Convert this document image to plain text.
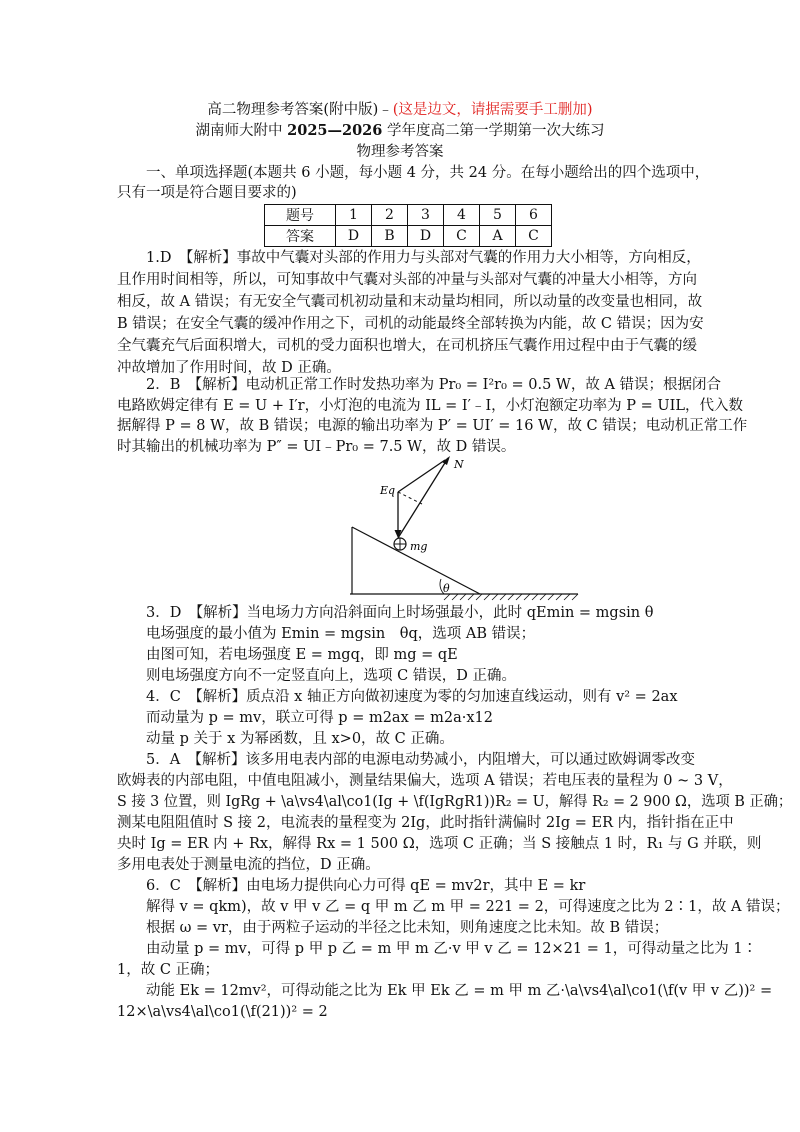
高二物理参考答案(附中版)﹣(这是边文，请据需要手工删加)
湖南师大附中 2025—2026 学年度高二第一学期第一次大练习
物理参考答案
一、单项选择题(本题共 6 小题，每小题 4 分，共 24 分。在每小题给出的四个选项中，
只有一项是符合题目要求的)
题号	1	2	3	4	5	6
答案	D	B	D	C	A	C
1.D　【解析】事故中气囊对头部的作用力与头部对气囊的作用力大小相等，方向相反，
且作用时间相等，所以，可知事故中气囊对头部的冲量与头部对气囊的冲量大小相等，方向
相反，故 A 错误；有无安全气囊司机初动量和末动量均相同，所以动量的改变量也相同，故
B 错误；在安全气囊的缓冲作用之下，司机的动能最终全部转换为内能，故 C 错误；因为安
全气囊充气后面积增大，司机的受力面积也增大，在司机挤压气囊作用过程中由于气囊的缓
冲故增加了作用时间，故 D 正确。
2．B　【解析】电动机正常工作时发热功率为 Pr₀ = I²r₀ = 0.5 W，故 A 错误；根据闭合
电路欧姆定律有 E = U + I′r，小灯泡的电流为 IL = I′﹣I，小灯泡额定功率为 P = UIL，代入数
据解得 P = 8 W，故 B 错误；电源的输出功率为 P′ = UI′ = 16 W，故 C 错误；电动机正常工作
时其输出的机械功率为 P″ = UI﹣Pr₀ = 7.5 W，故 D 错误。
θ
mg
N
Eq
3．D　【解析】当电场力方向沿斜面向上时场强最小，此时 qEmin = mgsin θ
电场强度的最小值为 Emin = mgsin　θq，选项 AB 错误；
由图可知，若电场强度 E = mgq，即 mg = qE
则电场强度方向不一定竖直向上，选项 C 错误，D 正确。
4．C　【解析】质点沿 x 轴正方向做初速度为零的匀加速直线运动，则有 v² = 2ax
而动量为 p = mv，联立可得 p = m2ax = m2a·x12
动量 p 关于 x 为幂函数，且 x>0，故 C 正确。
5．A　【解析】该多用电表内部的电源电动势减小，内阻增大，可以通过欧姆调零改变
欧姆表的内部电阻，中值电阻减小，测量结果偏大，选项 A 错误；若电压表的量程为 0 ~ 3 V，
S 接 3 位置，则 IgRg + \a\vs4\al\co1(Ig + \f(IgRgR1))R₂ = U，解得 R₂ = 2 900 Ω，选项 B 正确；
测某电阻阻值时 S 接 2，电流表的量程变为 2Ig，此时指针满偏时 2Ig = ER 内，指针指在正中
央时 Ig = ER 内 + Rx，解得 Rx = 1 500 Ω，选项 C 正确；当 S 接触点 1 时，R₁ 与 G 并联，则
多用电表处于测量电流的挡位，D 正确。
6．C　【解析】由电场力提供向心力可得 qE = mv2r，其中 E = kr
解得 v = qkm)，故 v 甲 v 乙 = q 甲 m 乙 m 甲 = 221 = 2，可得速度之比为 2∶1，故 A 错误；
根据 ω = vr，由于两粒子运动的半径之比未知，则角速度之比未知。故 B 错误；
由动量 p = mv，可得 p 甲 p 乙 = m 甲 m 乙·v 甲 v 乙 = 12×21 = 1，可得动量之比为 1∶
1，故 C 正确；
动能 Ek = 12mv²，可得动能之比为 Ek 甲 Ek 乙 = m 甲 m 乙·\a\vs4\al\co1(\f(v 甲 v 乙))² =
12×\a\vs4\al\co1(\f(21))² = 2
